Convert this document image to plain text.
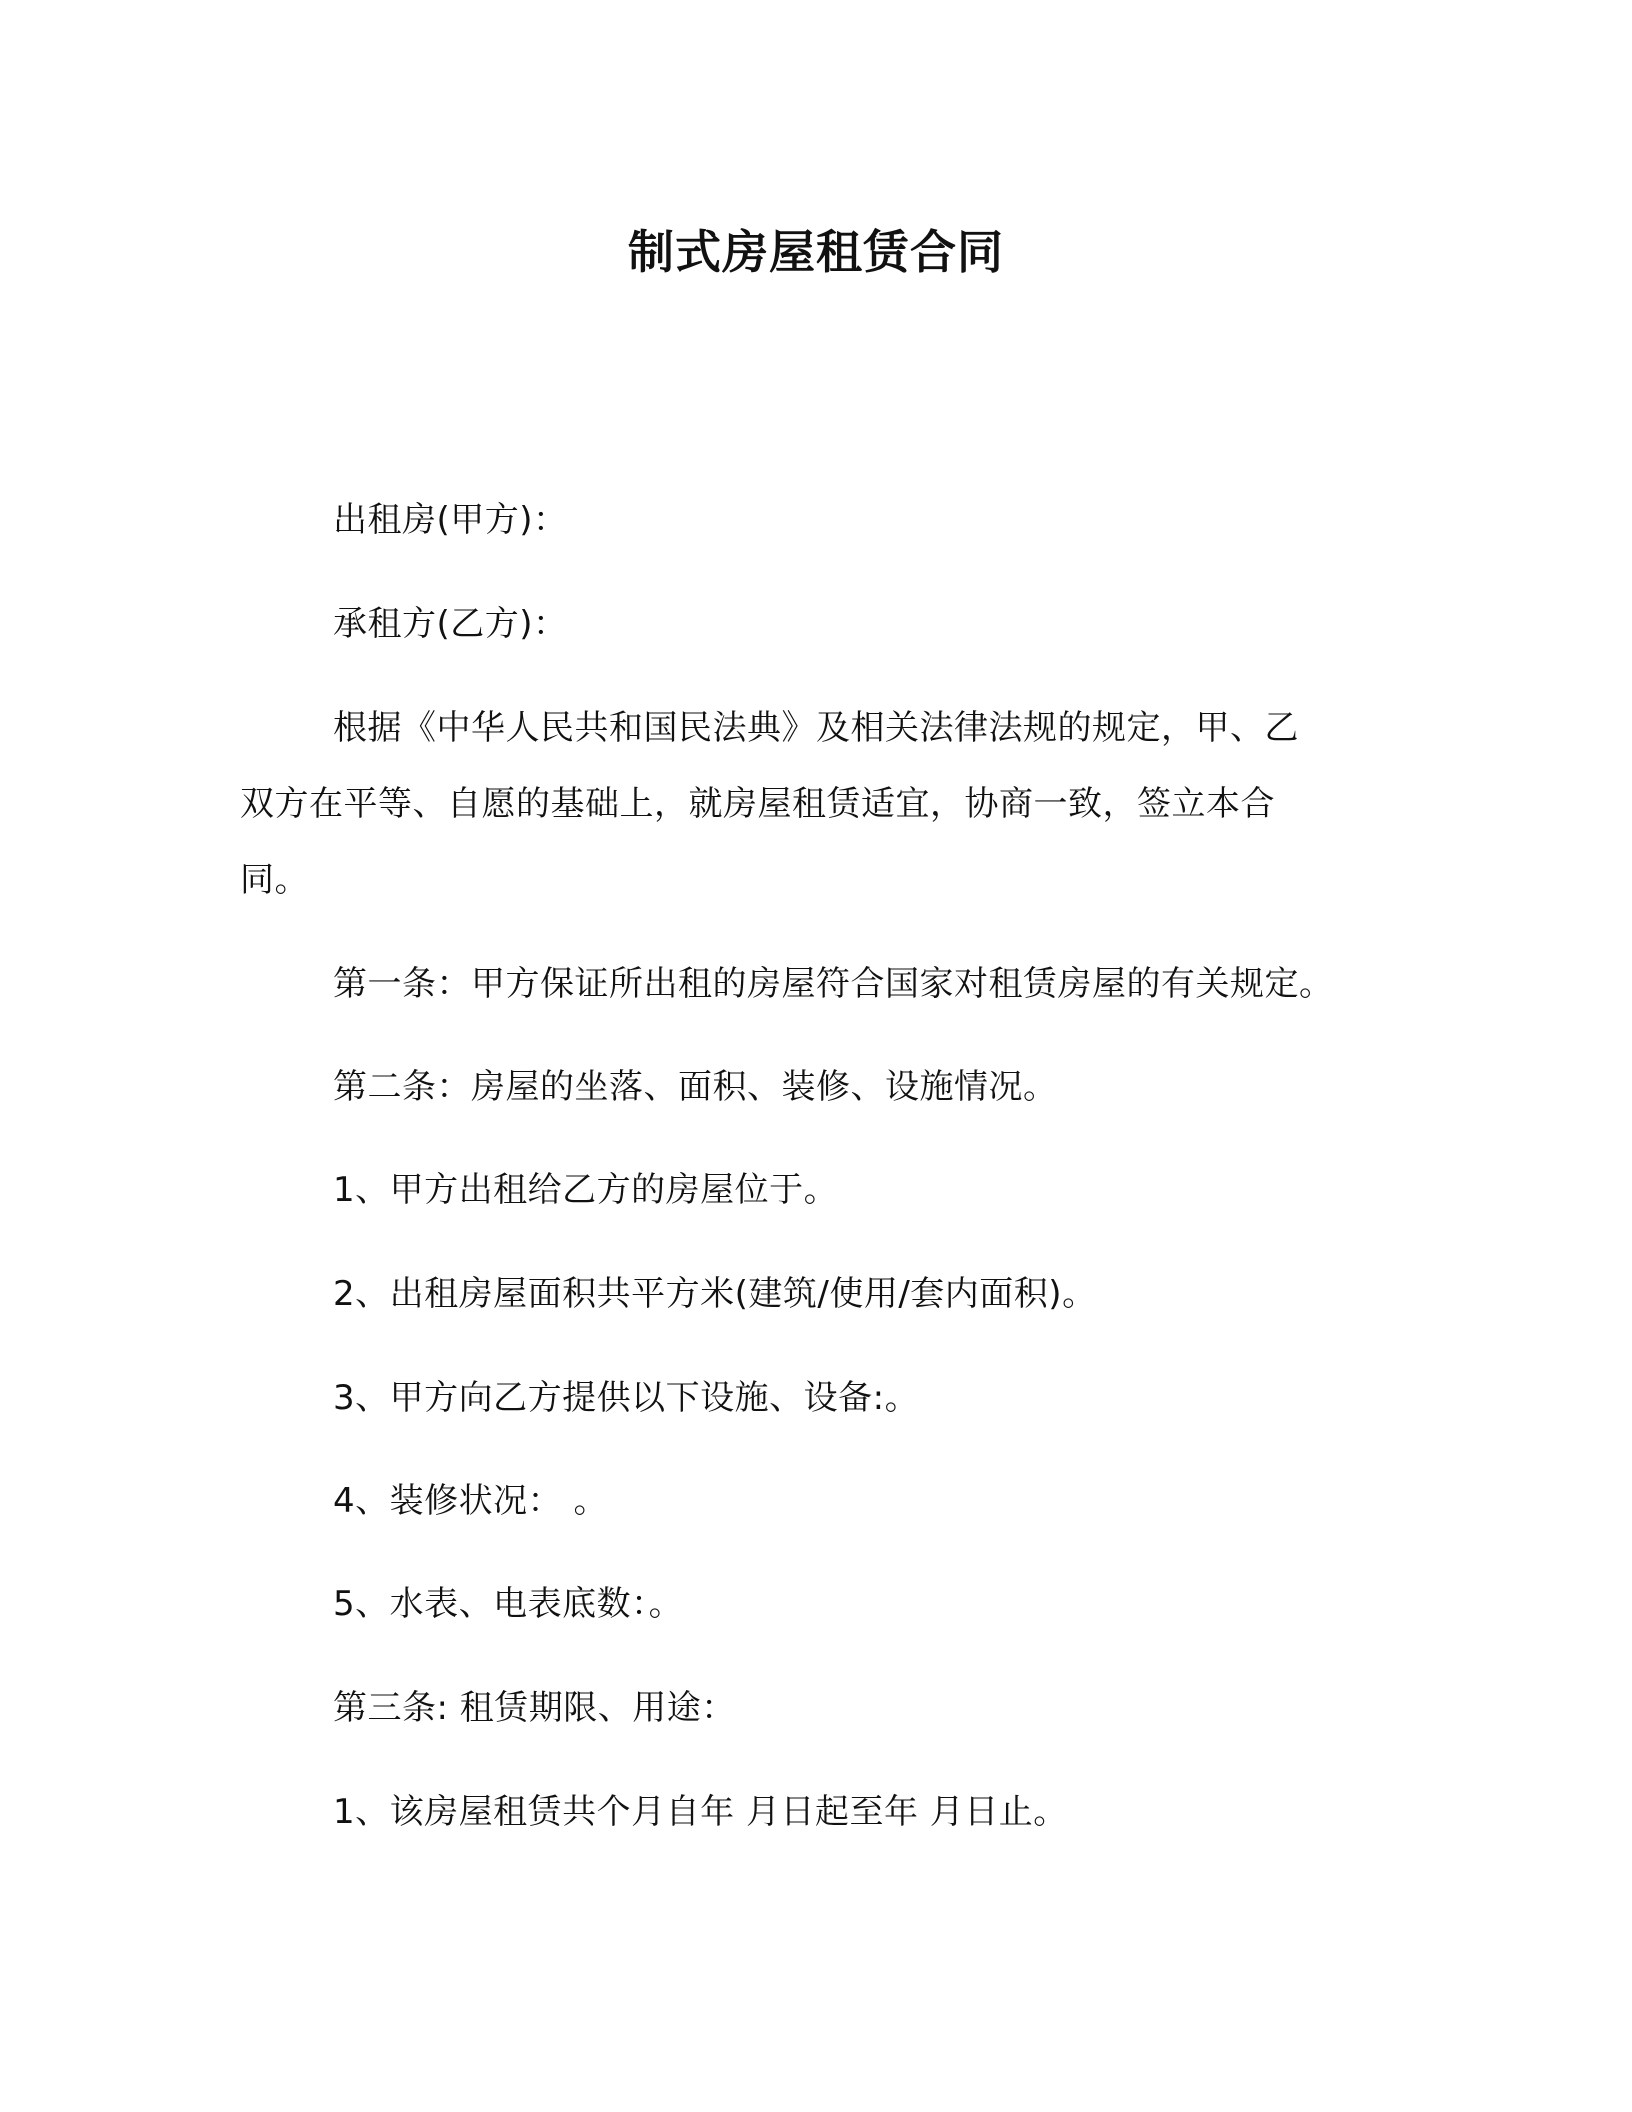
制式房屋租赁合同
出租房(甲方)：
承租方(乙方)：
根据《中华人民共和国民法典》及相关法律法规的规定，甲、乙
双方在平等、自愿的基础上，就房屋租赁适宜，协商一致，签立本合
同。
第一条：甲方保证所出租的房屋符合国家对租赁房屋的有关规定。
第二条：房屋的坐落、面积、装修、设施情况。
1、甲方出租给乙方的房屋位于。
2、出租房屋面积共平方米(建筑/使用/套内面积)。
3、甲方向乙方提供以下设施、设备:。
4、装修状况： 。
5、水表、电表底数：。
第三条: 租赁期限、用途：
1、该房屋租赁共个月自年 月日起至年 月日止。
